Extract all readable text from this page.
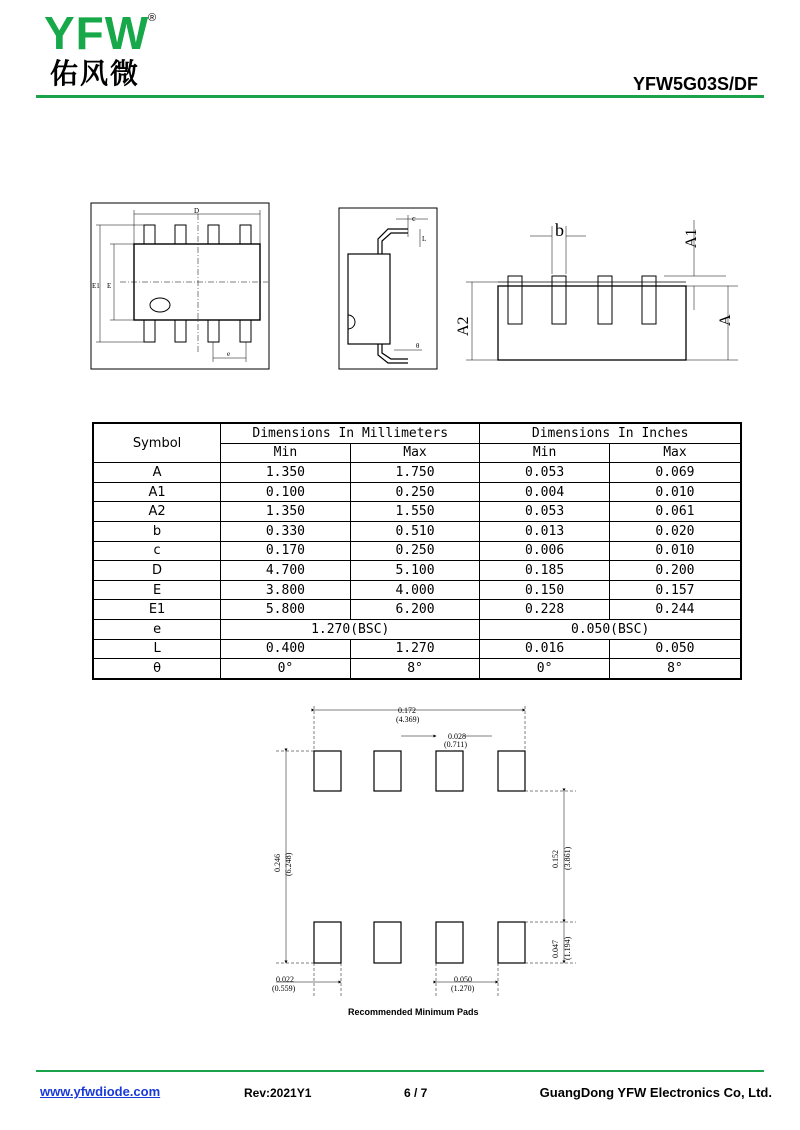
YFW
®
佑风微	YFW5G03S/DF
D
E1 E
e
c
L
θ
b	A1
A
A2
Symbol	Dimensions In Millimeters		Dimensions In Inches	
	Min	Max	Min	Max
A	1.350	1.750	0.053	0.069
A1	0.100	0.250	0.004	0.010
A2	1.350	1.550	0.053	0.061
b	0.330	0.510	0.013	0.020
c	0.170	0.250	0.006	0.010
D	4.700	5.100	0.185	0.200
E	3.800	4.000	0.150	0.157
E1	5.800	6.200	0.228	0.244
e	1.270(BSC)		0.050(BSC)	
L	0.400	1.270	0.016	0.050
θ	0°	8°	0°	8°
0.172
(4.369)
0.028
(0.711)
0.246 (6.248)	0.152 (3.861)
0.047 (1.194)
0.022
(0.559)
0.050
(1.270)
Recommended Minimum Pads
www.yfwdiode.com	Rev:2021Y1	6 / 7	GuangDong YFW Electronics Co, Ltd.
